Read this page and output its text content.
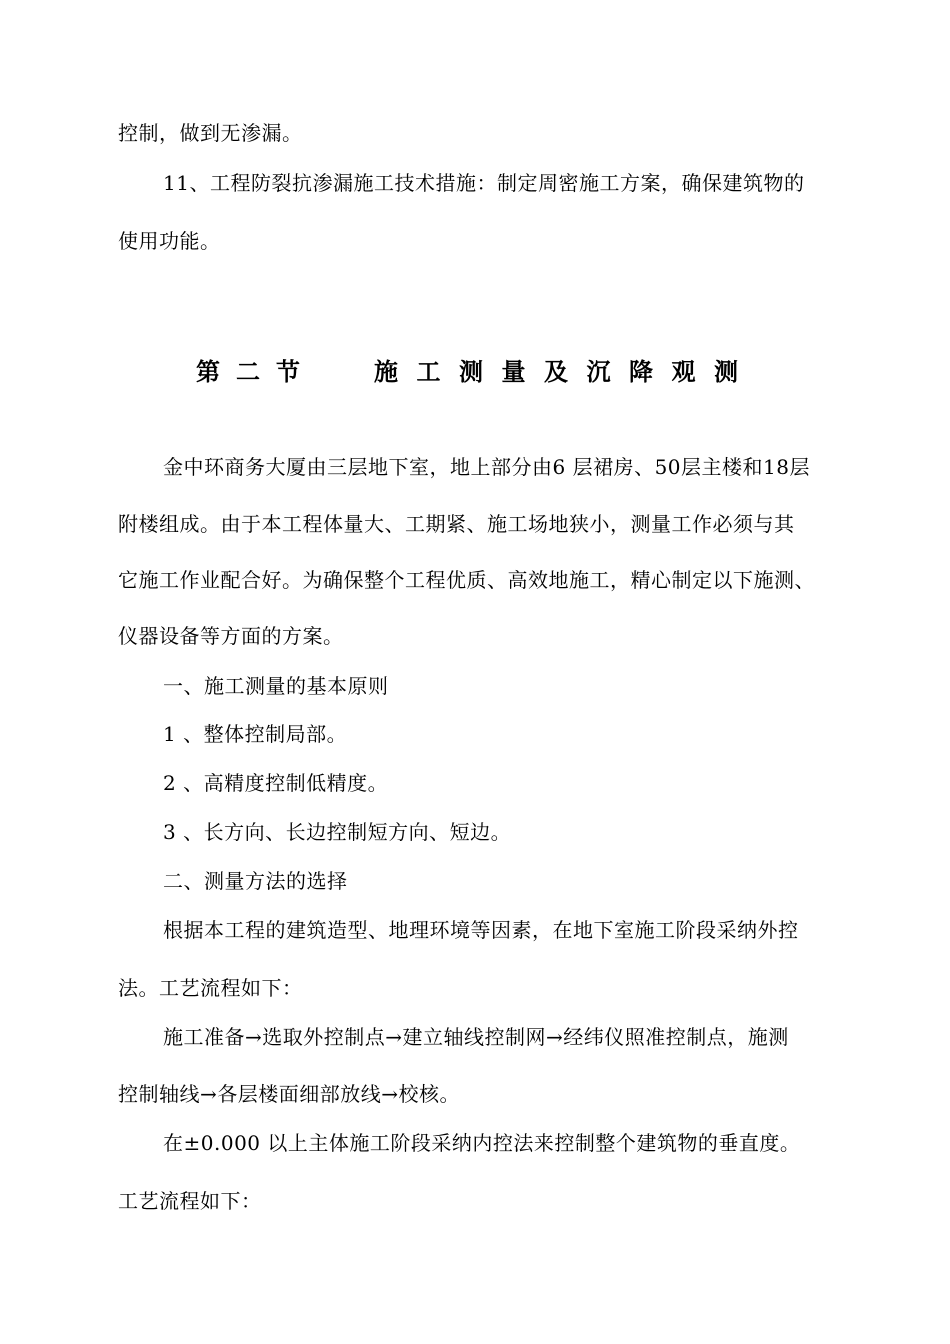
控制，做到无渗漏。
11、工程防裂抗渗漏施工技术措施：制定周密施工方案，确保建筑物的
使用功能。
第二节 施工测量及沉降观测
金中环商务大厦由三层地下室，地上部分由6 层裙房、50层主楼和18层
附楼组成。由于本工程体量大、工期紧、施工场地狭小，测量工作必须与其
它施工作业配合好。为确保整个工程优质、高效地施工，精心制定以下施测、
仪器设备等方面的方案。
一、施工测量的基本原则
1 、整体控制局部。
2 、高精度控制低精度。
3 、长方向、长边控制短方向、短边。
二、测量方法的选择
根据本工程的建筑造型、地理环境等因素，在地下室施工阶段采纳外控
法。工艺流程如下：
施工准备→选取外控制点→建立轴线控制网→经纬仪照准控制点，施测
控制轴线→各层楼面细部放线→校核。
在±0.000 以上主体施工阶段采纳内控法来控制整个建筑物的垂直度。
工艺流程如下：
